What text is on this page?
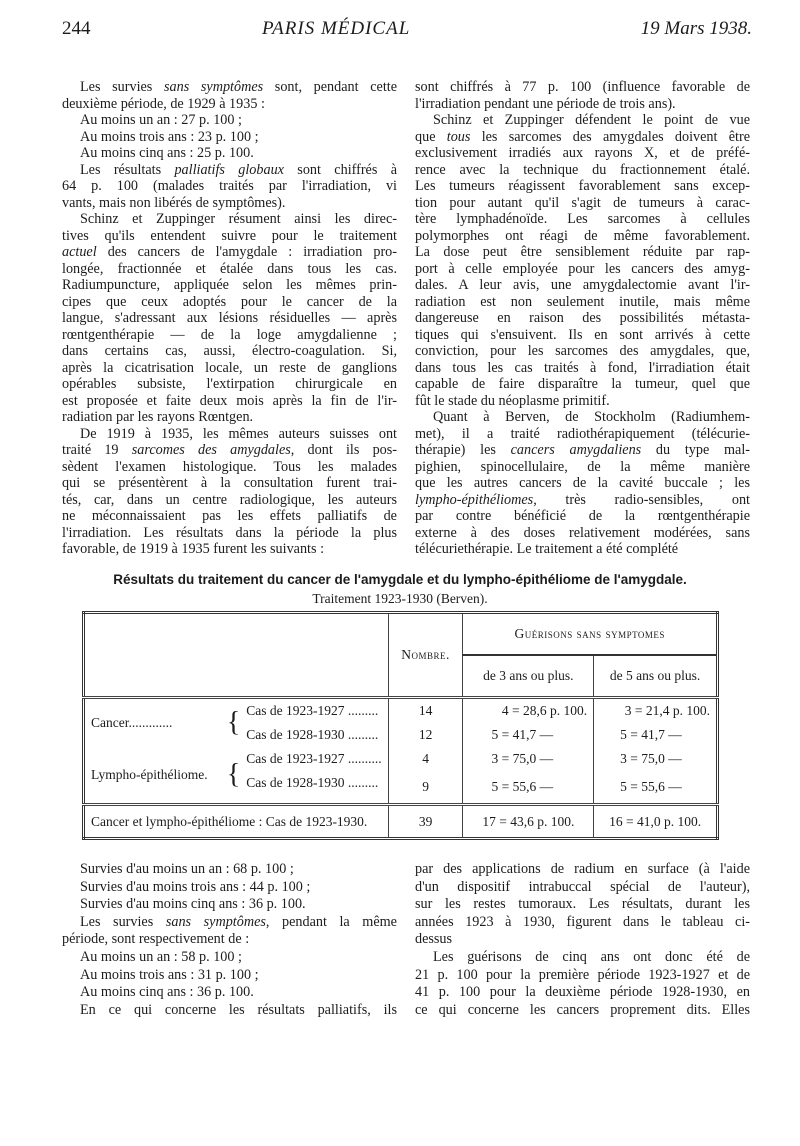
244	PARIS MÉDICAL	19 Mars 1938.
Les survies sans symptômes sont, pendant cette
deuxième période, de 1929 à 1935 :
Au moins un an : 27 p. 100 ;
Au moins trois ans : 23 p. 100 ;
Au moins cinq ans : 25 p. 100.
Les résultats palliatifs globaux sont chiffrés à
64 p. 100 (malades traités par l'irradiation, vi
vants, mais non libérés de symptômes).
Schinz et Zuppinger résument ainsi les direc-
tives qu'ils entendent suivre pour le traitement
actuel des cancers de l'amygdale : irradiation pro-
longée, fractionnée et étalée dans tous les cas.
Radiumpuncture, appliquée selon les mêmes prin-
cipes que ceux adoptés pour le cancer de la
langue, s'adressant aux lésions résiduelles — après
rœntgenthérapie — de la loge amygdalienne ;
dans certains cas, aussi, électro-coagulation. Si,
après la cicatrisation locale, un reste de ganglions
opérables subsiste, l'extirpation chirurgicale en
est proposée et faite deux mois après la fin de l'ir-
radiation par les rayons Rœntgen.
De 1919 à 1935, les mêmes auteurs suisses ont
traité 19 sarcomes des amygdales, dont ils pos-
sèdent l'examen histologique. Tous les malades
qui se présentèrent à la consultation furent trai-
tés, car, dans un centre radiologique, les auteurs
ne méconnaissaient pas les effets palliatifs de
l'irradiation. Les résultats dans la période la plus
favorable, de 1919 à 1935 furent les suivants :
sont chiffrés à 77 p. 100 (influence favorable de
l'irradiation pendant une période de trois ans).
Schinz et Zuppinger défendent le point de vue
que tous les sarcomes des amygdales doivent être
exclusivement irradiés aux rayons X, et de préfé-
rence avec la technique du fractionnement étalé.
Les tumeurs réagissent favorablement sans excep-
tion pour autant qu'il s'agit de tumeurs à carac-
tère lymphadénoïde. Les sarcomes à cellules
polymorphes ont réagi de même favorablement.
La dose peut être sensiblement réduite par rap-
port à celle employée pour les cancers des amyg-
dales. A leur avis, une amygdalectomie avant l'ir-
radiation est non seulement inutile, mais même
dangereuse en raison des possibilités métasta-
tiques qui s'ensuivent. Ils en sont arrivés à cette
conviction, pour les sarcomes des amygdales, que,
dans tous les cas traités à fond, l'irradiation était
capable de faire disparaître la tumeur, quel que
fût le stade du néoplasme primitif.
Quant à Berven, de Stockholm (Radiumhem-
met), il a traité radiothérapiquement (télécurie-
thérapie) les cancers amygdaliens du type mal-
pighien, spinocellulaire, de la même manière
que les autres cancers de la cavité buccale ; les
lympho-épithéliomes, très radio-sensibles, ont
par contre bénéficié de la rœntgenthérapie
externe à des doses relativement modérées, sans
télécuriethérapie. Le traitement a été complété
Résultats du traitement du cancer de l'amygdale et du lympho-épithéliome de l'amygdale.
Traitement 1923-1930 (Berven).
			Nombre.	Guérisons sans symptomes	
				de 3 ans ou plus.	de 5 ans ou plus.
Cancer.............	{	Cas de 1923-1927 .........	14	4 = 28,6 p. 100.	3 = 21,4 p. 100.
		Cas de 1928-1930 .........	12	5 = 41,7 —	5 = 41,7 —
Lympho-épithéliome.	{	Cas de 1923-1927 ..........	4	3 = 75,0 —	3 = 75,0 —
		Cas de 1928-1930 .........	9	5 = 55,6 —	5 = 55,6 —
Cancer et lympho-épithéliome : Cas de 1923-1930.			39	17 = 43,6 p. 100.	16 = 41,0 p. 100.
Survies d'au moins un an : 68 p. 100 ;
Survies d'au moins trois ans : 44 p. 100 ;
Survies d'au moins cinq ans : 36 p. 100.
Les survies sans symptômes, pendant la même
période, sont respectivement de :
Au moins un an : 58 p. 100 ;
Au moins trois ans : 31 p. 100 ;
Au moins cinq ans : 36 p. 100.
En ce qui concerne les résultats palliatifs, ils
par des applications de radium en surface (à l'aide
d'un dispositif intrabuccal spécial de l'auteur),
sur les restes tumoraux. Les résultats, durant les
années 1923 à 1930, figurent dans le tableau ci-
dessus
Les guérisons de cinq ans ont donc été de
21 p. 100 pour la première période 1923-1927 et de
41 p. 100 pour la deuxième période 1928-1930, en
ce qui concerne les cancers proprement dits. Elles
